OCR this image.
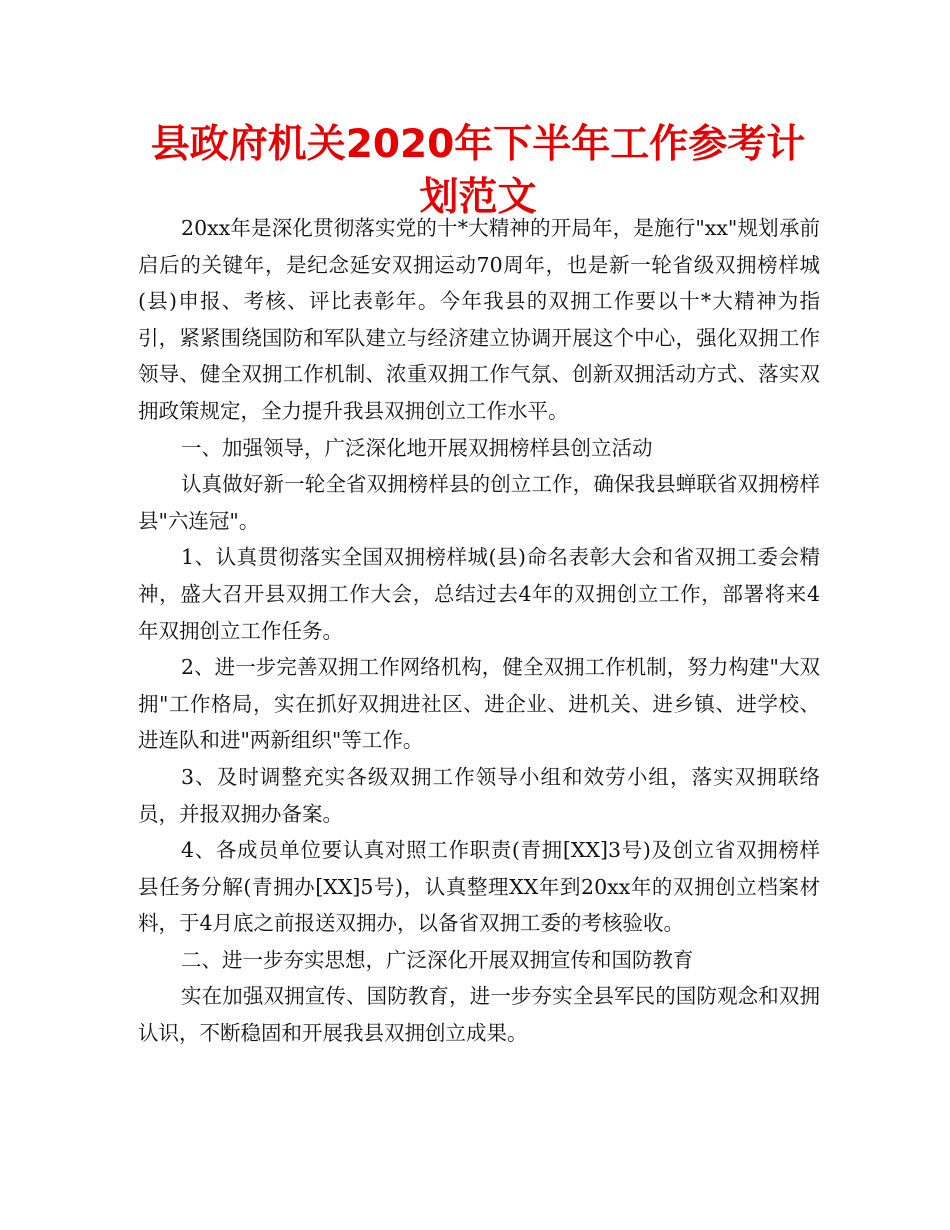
县政府机关2020年下半年工作参考计划范文

20xx年是深化贯彻落实党的十*大精神的开局年，是施行"xx"规划承前启后的关键年，是纪念延安双拥运动70周年，也是新一轮省级双拥榜样城(县)申报、考核、评比表彰年。今年我县的双拥工作要以十*大精神为指引，紧紧围绕国防和军队建立与经济建立协调开展这个中心，强化双拥工作领导、健全双拥工作机制、浓重双拥工作气氛、创新双拥活动方式、落实双拥政策规定，全力提升我县双拥创立工作水平。

一、加强领导，广泛深化地开展双拥榜样县创立活动

认真做好新一轮全省双拥榜样县的创立工作，确保我县蝉联省双拥榜样县"六连冠"。

1、认真贯彻落实全国双拥榜样城(县)命名表彰大会和省双拥工委会精神，盛大召开县双拥工作大会，总结过去4年的双拥创立工作，部署将来4年双拥创立工作任务。

2、进一步完善双拥工作网络机构，健全双拥工作机制，努力构建"大双拥"工作格局，实在抓好双拥进社区、进企业、进机关、进乡镇、进学校、进连队和进"两新组织"等工作。

3、及时调整充实各级双拥工作领导小组和效劳小组，落实双拥联络员，并报双拥办备案。

4、各成员单位要认真对照工作职责(青拥[XX]3号)及创立省双拥榜样县任务分解(青拥办[XX]5号)，认真整理XX年到20xx年的双拥创立档案材料，于4月底之前报送双拥办，以备省双拥工委的考核验收。

二、进一步夯实思想，广泛深化开展双拥宣传和国防教育

实在加强双拥宣传、国防教育，进一步夯实全县军民的国防观念和双拥认识，不断稳固和开展我县双拥创立成果。
